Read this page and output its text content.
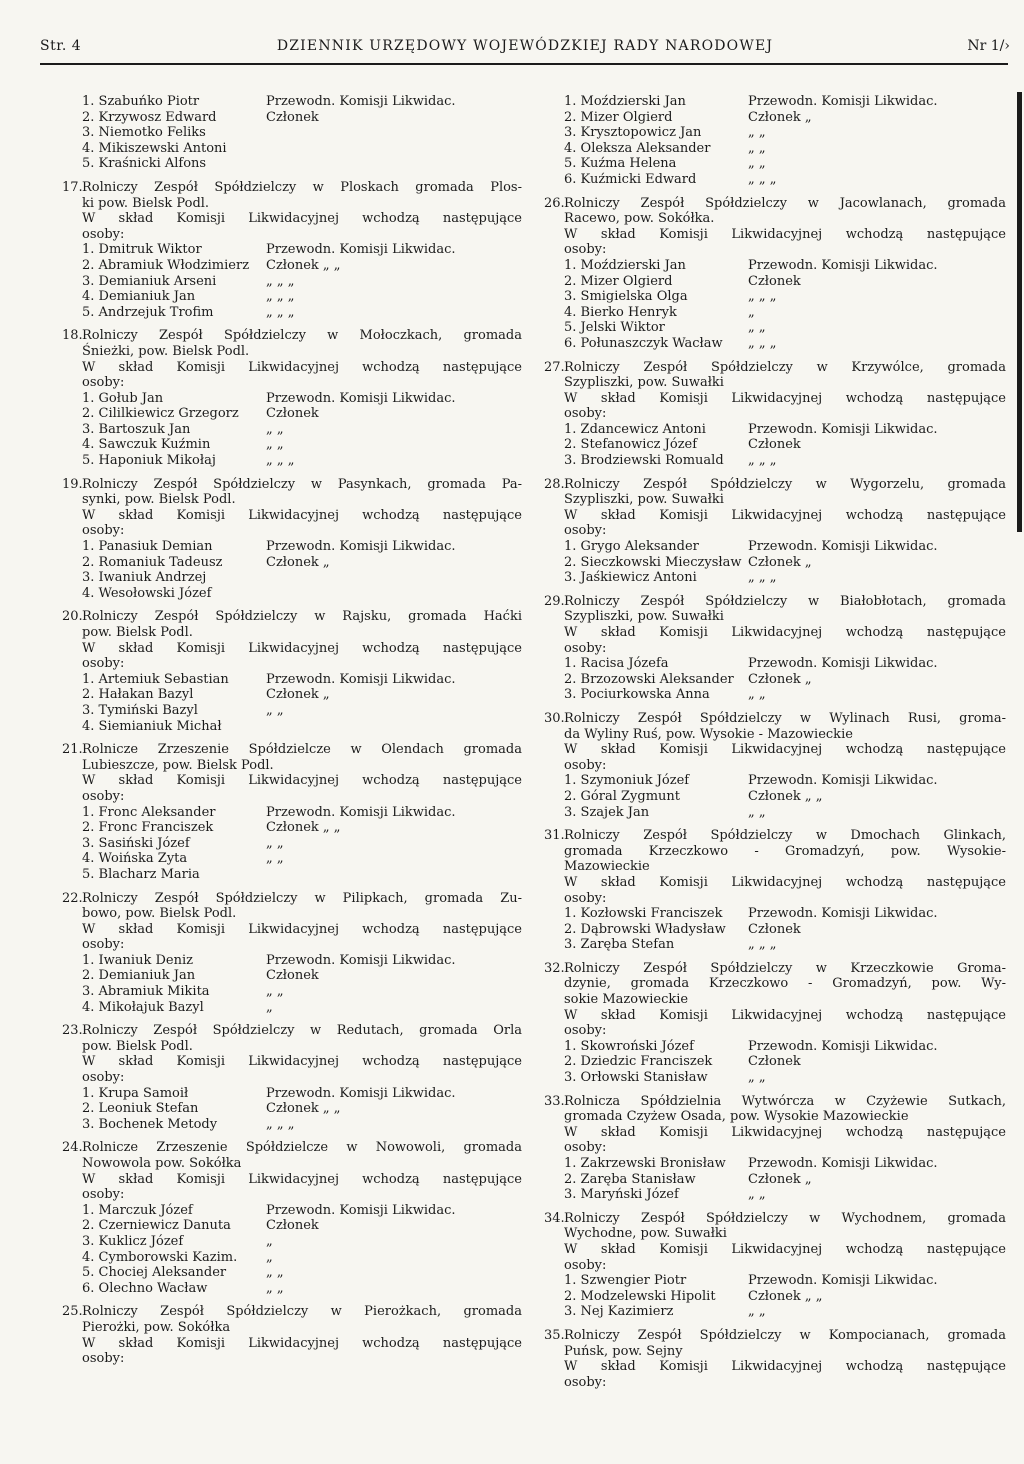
Str. 4	DZIENNIK URZĘDOWY WOJEWÓDZKIEJ RADY NARODOWEJ	Nr 1/›
1. Szabuńko Piotr	Przewodn. Komisji Likwidac.
2. Krzywosz Edward	Członek
3. Niemotko Feliks
4. Mikiszewski Antoni
5. Kraśnicki Alfons
17. Rolniczy Zespół Spółdzielczy w Ploskach gromada Plos-
ki pow. Bielsk Podl.
W skład Komisji Likwidacyjnej wchodzą następujące
osoby:
1. Dmitruk Wiktor	Przewodn. Komisji Likwidac.
2. Abramiuk Włodzimierz	Członek „ „
3. Demianiuk Arseni	„ „ „
4. Demianiuk Jan	„ „ „
5. Andrzejuk Trofim	„ „ „
18. Rolniczy Zespół Spółdzielczy w Mołoczkach, gromada
Śnieżki, pow. Bielsk Podl.
W skład Komisji Likwidacyjnej wchodzą następujące
osoby:
1. Gołub Jan	Przewodn. Komisji Likwidac.
2. Cililkiewicz Grzegorz	Członek
3. Bartoszuk Jan	„ „
4. Sawczuk Kuźmin	„ „
5. Haponiuk Mikołaj	„ „ „
19. Rolniczy Zespół Spółdzielczy w Pasynkach, gromada Pa-
synki, pow. Bielsk Podl.
W skład Komisji Likwidacyjnej wchodzą następujące
osoby:
1. Panasiuk Demian	Przewodn. Komisji Likwidac.
2. Romaniuk Tadeusz	Członek „
3. Iwaniuk Andrzej
4. Wesołowski Józef
20. Rolniczy Zespół Spółdzielczy w Rajsku, gromada Haćki
pow. Bielsk Podl.
W skład Komisji Likwidacyjnej wchodzą następujące
osoby:
1. Artemiuk Sebastian	Przewodn. Komisji Likwidac.
2. Hałakan Bazyl	Członek „
3. Tymiński Bazyl	„ „
4. Siemianiuk Michał
21. Rolnicze Zrzeszenie Spółdzielcze w Olendach gromada
Lubieszcze, pow. Bielsk Podl.
W skład Komisji Likwidacyjnej wchodzą następujące
osoby:
1. Fronc Aleksander	Przewodn. Komisji Likwidac.
2. Fronc Franciszek	Członek „ „
3. Sasiński Józef	„ „
4. Woińska Zyta	„ „
5. Blacharz Maria
22. Rolniczy Zespół Spółdzielczy w Pilipkach, gromada Zu-
bowo, pow. Bielsk Podl.
W skład Komisji Likwidacyjnej wchodzą następujące
osoby:
1. Iwaniuk Deniz	Przewodn. Komisji Likwidac.
2. Demianiuk Jan	Członek
3. Abramiuk Mikita	„ „
4. Mikołajuk Bazyl	„
23. Rolniczy Zespół Spółdzielczy w Redutach, gromada Orla
pow. Bielsk Podl.
W skład Komisji Likwidacyjnej wchodzą następujące
osoby:
1. Krupa Samoił	Przewodn. Komisji Likwidac.
2. Leoniuk Stefan	Członek „ „
3. Bochenek Metody	„ „ „
24. Rolnicze Zrzeszenie Spółdzielcze w Nowowoli, gromada
Nowowola pow. Sokółka
W skład Komisji Likwidacyjnej wchodzą następujące
osoby:
1. Marczuk Józef	Przewodn. Komisji Likwidac.
2. Czerniewicz Danuta	Członek
3. Kuklicz Józef	„
4. Cymborowski Kazim.	„
5. Chociej Aleksander	„ „
6. Olechno Wacław	„ „
25. Rolniczy Zespół Spółdzielczy w Pierożkach, gromada
Pierożki, pow. Sokółka
W skład Komisji Likwidacyjnej wchodzą następujące
osoby:
1. Moździerski Jan	Przewodn. Komisji Likwidac.
2. Mizer Olgierd	Członek „
3. Krysztopowicz Jan	„ „
4. Oleksza Aleksander	„ „
5. Kuźma Helena	„ „
6. Kuźmicki Edward	„ „ „
26. Rolniczy Zespół Spółdzielczy w Jacowlanach, gromada
Racewo, pow. Sokółka.
W skład Komisji Likwidacyjnej wchodzą następujące
osoby:
1. Moździerski Jan	Przewodn. Komisji Likwidac.
2. Mizer Olgierd	Członek
3. Smigielska Olga	„ „ „
4. Bierko Henryk	„
5. Jelski Wiktor	„ „
6. Połunaszczyk Wacław	„ „ „
27. Rolniczy Zespół Spółdzielczy w Krzywólce, gromada
Szypliszki, pow. Suwałki
W skład Komisji Likwidacyjnej wchodzą następujące
osoby:
1. Zdancewicz Antoni	Przewodn. Komisji Likwidac.
2. Stefanowicz Józef	Członek
3. Brodziewski Romuald	„ „ „
28. Rolniczy Zespół Spółdzielczy w Wygorzelu, gromada
Szypliszki, pow. Suwałki
W skład Komisji Likwidacyjnej wchodzą następujące
osoby:
1. Grygo Aleksander	Przewodn. Komisji Likwidac.
2. Sieczkowski Mieczysław Członek „
3. Jaśkiewicz Antoni	„ „ „
29. Rolniczy Zespół Spółdzielczy w Białobłotach, gromada
Szypliszki, pow. Suwałki
W skład Komisji Likwidacyjnej wchodzą następujące
osoby:
1. Racisa Józefa	Przewodn. Komisji Likwidac.
2. Brzozowski Aleksander	Członek „
3. Pociurkowska Anna	„ „
30. Rolniczy Zespół Spółdzielczy w Wylinach Rusi, groma-
da Wyliny Ruś, pow. Wysokie - Mazowieckie
W skład Komisji Likwidacyjnej wchodzą następujące
osoby:
1. Szymoniuk Józef	Przewodn. Komisji Likwidac.
2. Góral Zygmunt	Członek „ „
3. Szajek Jan	„ „
31. Rolniczy Zespół Spółdzielczy w Dmochach Glinkach,
gromada Krzeczkowo - Gromadzyń, pow. Wysokie-
Mazowieckie
W skład Komisji Likwidacyjnej wchodzą następujące
osoby:
1. Kozłowski Franciszek	Przewodn. Komisji Likwidac.
2. Dąbrowski Władysław	Członek
3. Zaręba Stefan	„ „ „
32. Rolniczy Zespół Spółdzielczy w Krzeczkowie Groma-
dzynie, gromada Krzeczkowo - Gromadzyń, pow. Wy-
sokie Mazowieckie
W skład Komisji Likwidacyjnej wchodzą następujące
osoby:
1. Skowroński Józef	Przewodn. Komisji Likwidac.
2. Dziedzic Franciszek	Członek
3. Orłowski Stanisław	„ „
33. Rolnicza Spółdzielnia Wytwórcza w Czyżewie Sutkach,
gromada Czyżew Osada, pow. Wysokie Mazowieckie
W skład Komisji Likwidacyjnej wchodzą następujące
osoby:
1. Zakrzewski Bronisław	Przewodn. Komisji Likwidac.
2. Zaręba Stanisław	Członek „
3. Maryński Józef	„ „
34. Rolniczy Zespół Spółdzielczy w Wychodnem, gromada
Wychodne, pow. Suwałki
W skład Komisji Likwidacyjnej wchodzą następujące
osoby:
1. Szwengier Piotr	Przewodn. Komisji Likwidac.
2. Modzelewski Hipolit	Członek „ „
3. Nej Kazimierz	„ „
35. Rolniczy Zespół Spółdzielczy w Kompocianach, gromada
Puńsk, pow. Sejny
W skład Komisji Likwidacyjnej wchodzą następujące
osoby:
